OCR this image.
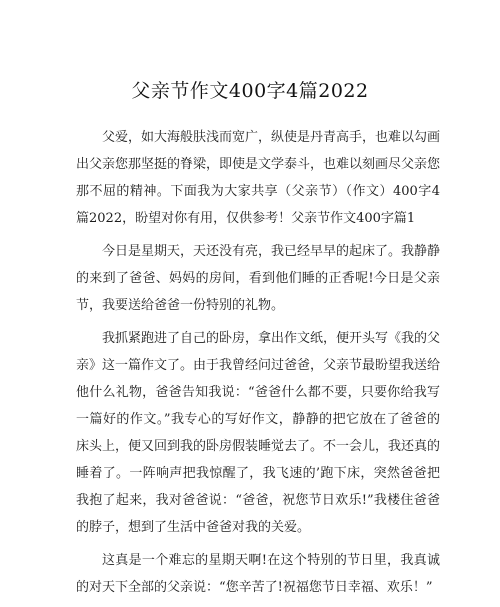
父亲节作文400字4篇2022

父爱，如大海般肤浅而宽广，纵使是丹青高手，也难以勾画出父亲您那坚挺的脊梁，即使是文学泰斗，也难以刻画尽父亲您那不屈的精神。下面我为大家共享（父亲节）（作文）400字4篇2022，盼望对你有用，仅供参考！父亲节作文400字篇1

今日是星期天，天还没有亮，我已经早早的起床了。我静静的来到了爸爸、妈妈的房间，看到他们睡的正香呢!今日是父亲节，我要送给爸爸一份特别的礼物。

我抓紧跑进了自己的卧房，拿出作文纸，便开头写《我的父亲》这一篇作文了。由于我曾经问过爸爸，父亲节最盼望我送给他什么礼物，爸爸告知我说：“爸爸什么都不要，只要你给我写一篇好的作文。”我专心的写好作文，静静的把它放在了爸爸的床头上，便又回到我的卧房假装睡觉去了。不一会儿，我还真的睡着了。一阵响声把我惊醒了，我飞速的’跑下床，突然爸爸把我抱了起来，我对爸爸说：“爸爸，祝您节日欢乐!”我楼住爸爸的脖子，想到了生活中爸爸对我的关爱。

这真是一个难忘的星期天啊!在这个特别的节日里，我真诚的对天下全部的父亲说：“您辛苦了!祝福您节日幸福、欢乐！”
